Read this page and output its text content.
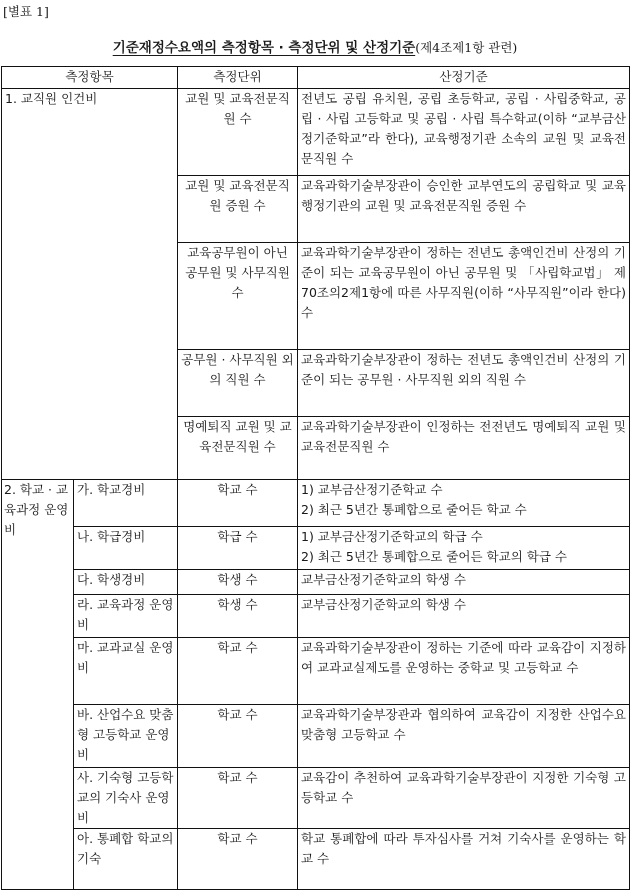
[별표 1]
기준재정수요액의 측정항목 · 측정단위 및 산정기준(제4조제1항 관련)
측정항목		측정단위	산정기준
1. 교직원 인건비		교원 및 교육전문직원 수	전년도 공립 유치원, 공립 초등학교, 공립 · 사립중학교, 공립 · 사립 고등학교 및 공립 · 사립 특수학교(이하 “교부금산정기준학교”라 한다), 교육행정기관 소속의 교원 및 교육전문직원 수
		교원 및 교육전문직원 증원 수	교육과학기술부장관이 승인한 교부연도의 공립학교 및 교육행정기관의 교원 및 교육전문직원 증원 수
		교육공무원이 아닌 공무원 및 사무직원 수	교육과학기술부장관이 정하는 전년도 총액인건비 산정의 기준이 되는 교육공무원이 아닌 공무원 및 「사립학교법」 제70조의2제1항에 따른 사무직원(이하 “사무직원”이라 한다) 수
		공무원 · 사무직원 외의 직원 수	교육과학기술부장관이 정하는 전년도 총액인건비 산정의 기준이 되는 공무원 · 사무직원 외의 직원 수
		명예퇴직 교원 및 교육전문직원 수	교육과학기술부장관이 인정하는 전전년도 명예퇴직 교원 및 교육전문직원 수
2. 학교 · 교육과정 운영비	가. 학교경비	학교 수	1) 교부금산정기준학교 수
2) 최근 5년간 통폐합으로 줄어든 학교 수

	나. 학급경비	학급 수	1) 교부금산정기준학교의 학급 수
2) 최근 5년간 통폐합으로 줄어든 학교의 학급 수

	다. 학생경비	학생 수	교부금산정기준학교의 학생 수
	라. 교육과정 운영비	학생 수	교부금산정기준학교의 학생 수
	마. 교과교실 운영비	학교 수	교육과학기술부장관이 정하는 기준에 따라 교육감이 지정하여 교과교실제도를 운영하는 중학교 및 고등학교 수
	바. 산업수요 맞춤형 고등학교 운영비	학교 수	교육과학기술부장관과 협의하여 교육감이 지정한 산업수요 맞춤형 고등학교 수
	사. 기숙형 고등학교의 기숙사 운영비	학교 수	교육감이 추천하여 교육과학기술부장관이 지정한 기숙형 고등학교 수
	아. 통폐합 학교의 기숙	학교 수	학교 통폐합에 따라 투자심사를 거쳐 기숙사를 운영하는 학교 수
